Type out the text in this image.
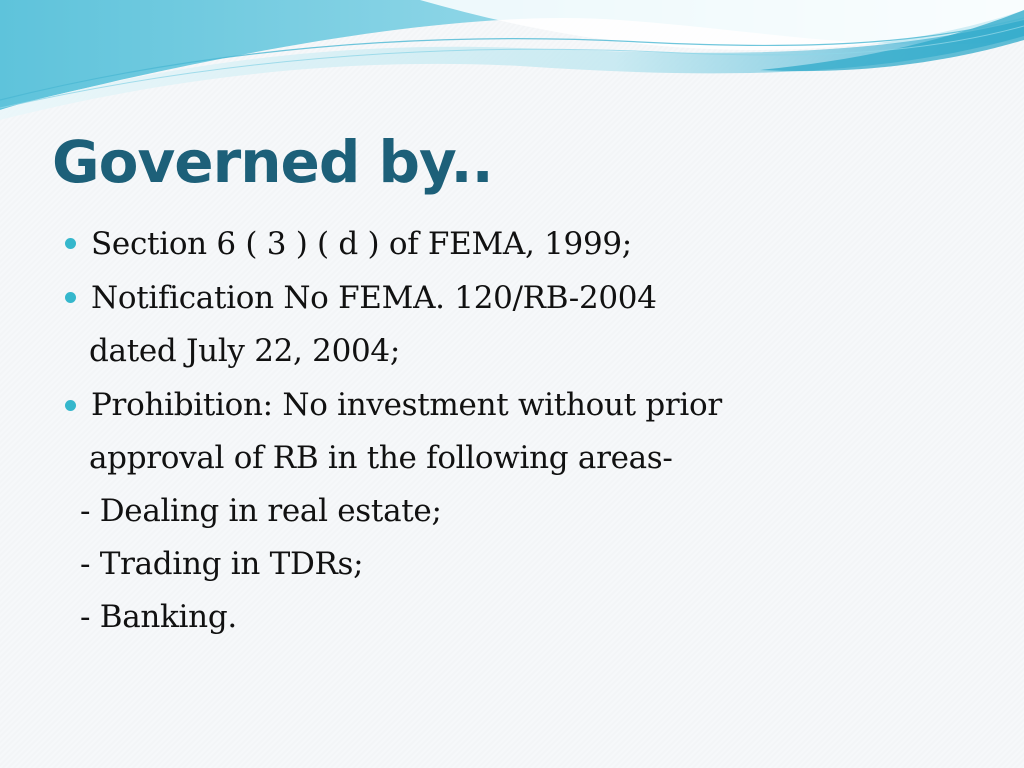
Governed by..
Section 6 ( 3 ) ( d ) of FEMA, 1999;
Notification No FEMA. 120/RB-2004
dated July 22, 2004;
Prohibition: No investment without prior
approval of RB in the following areas-
- Dealing in real estate;
- Trading in TDRs;
- Banking.
